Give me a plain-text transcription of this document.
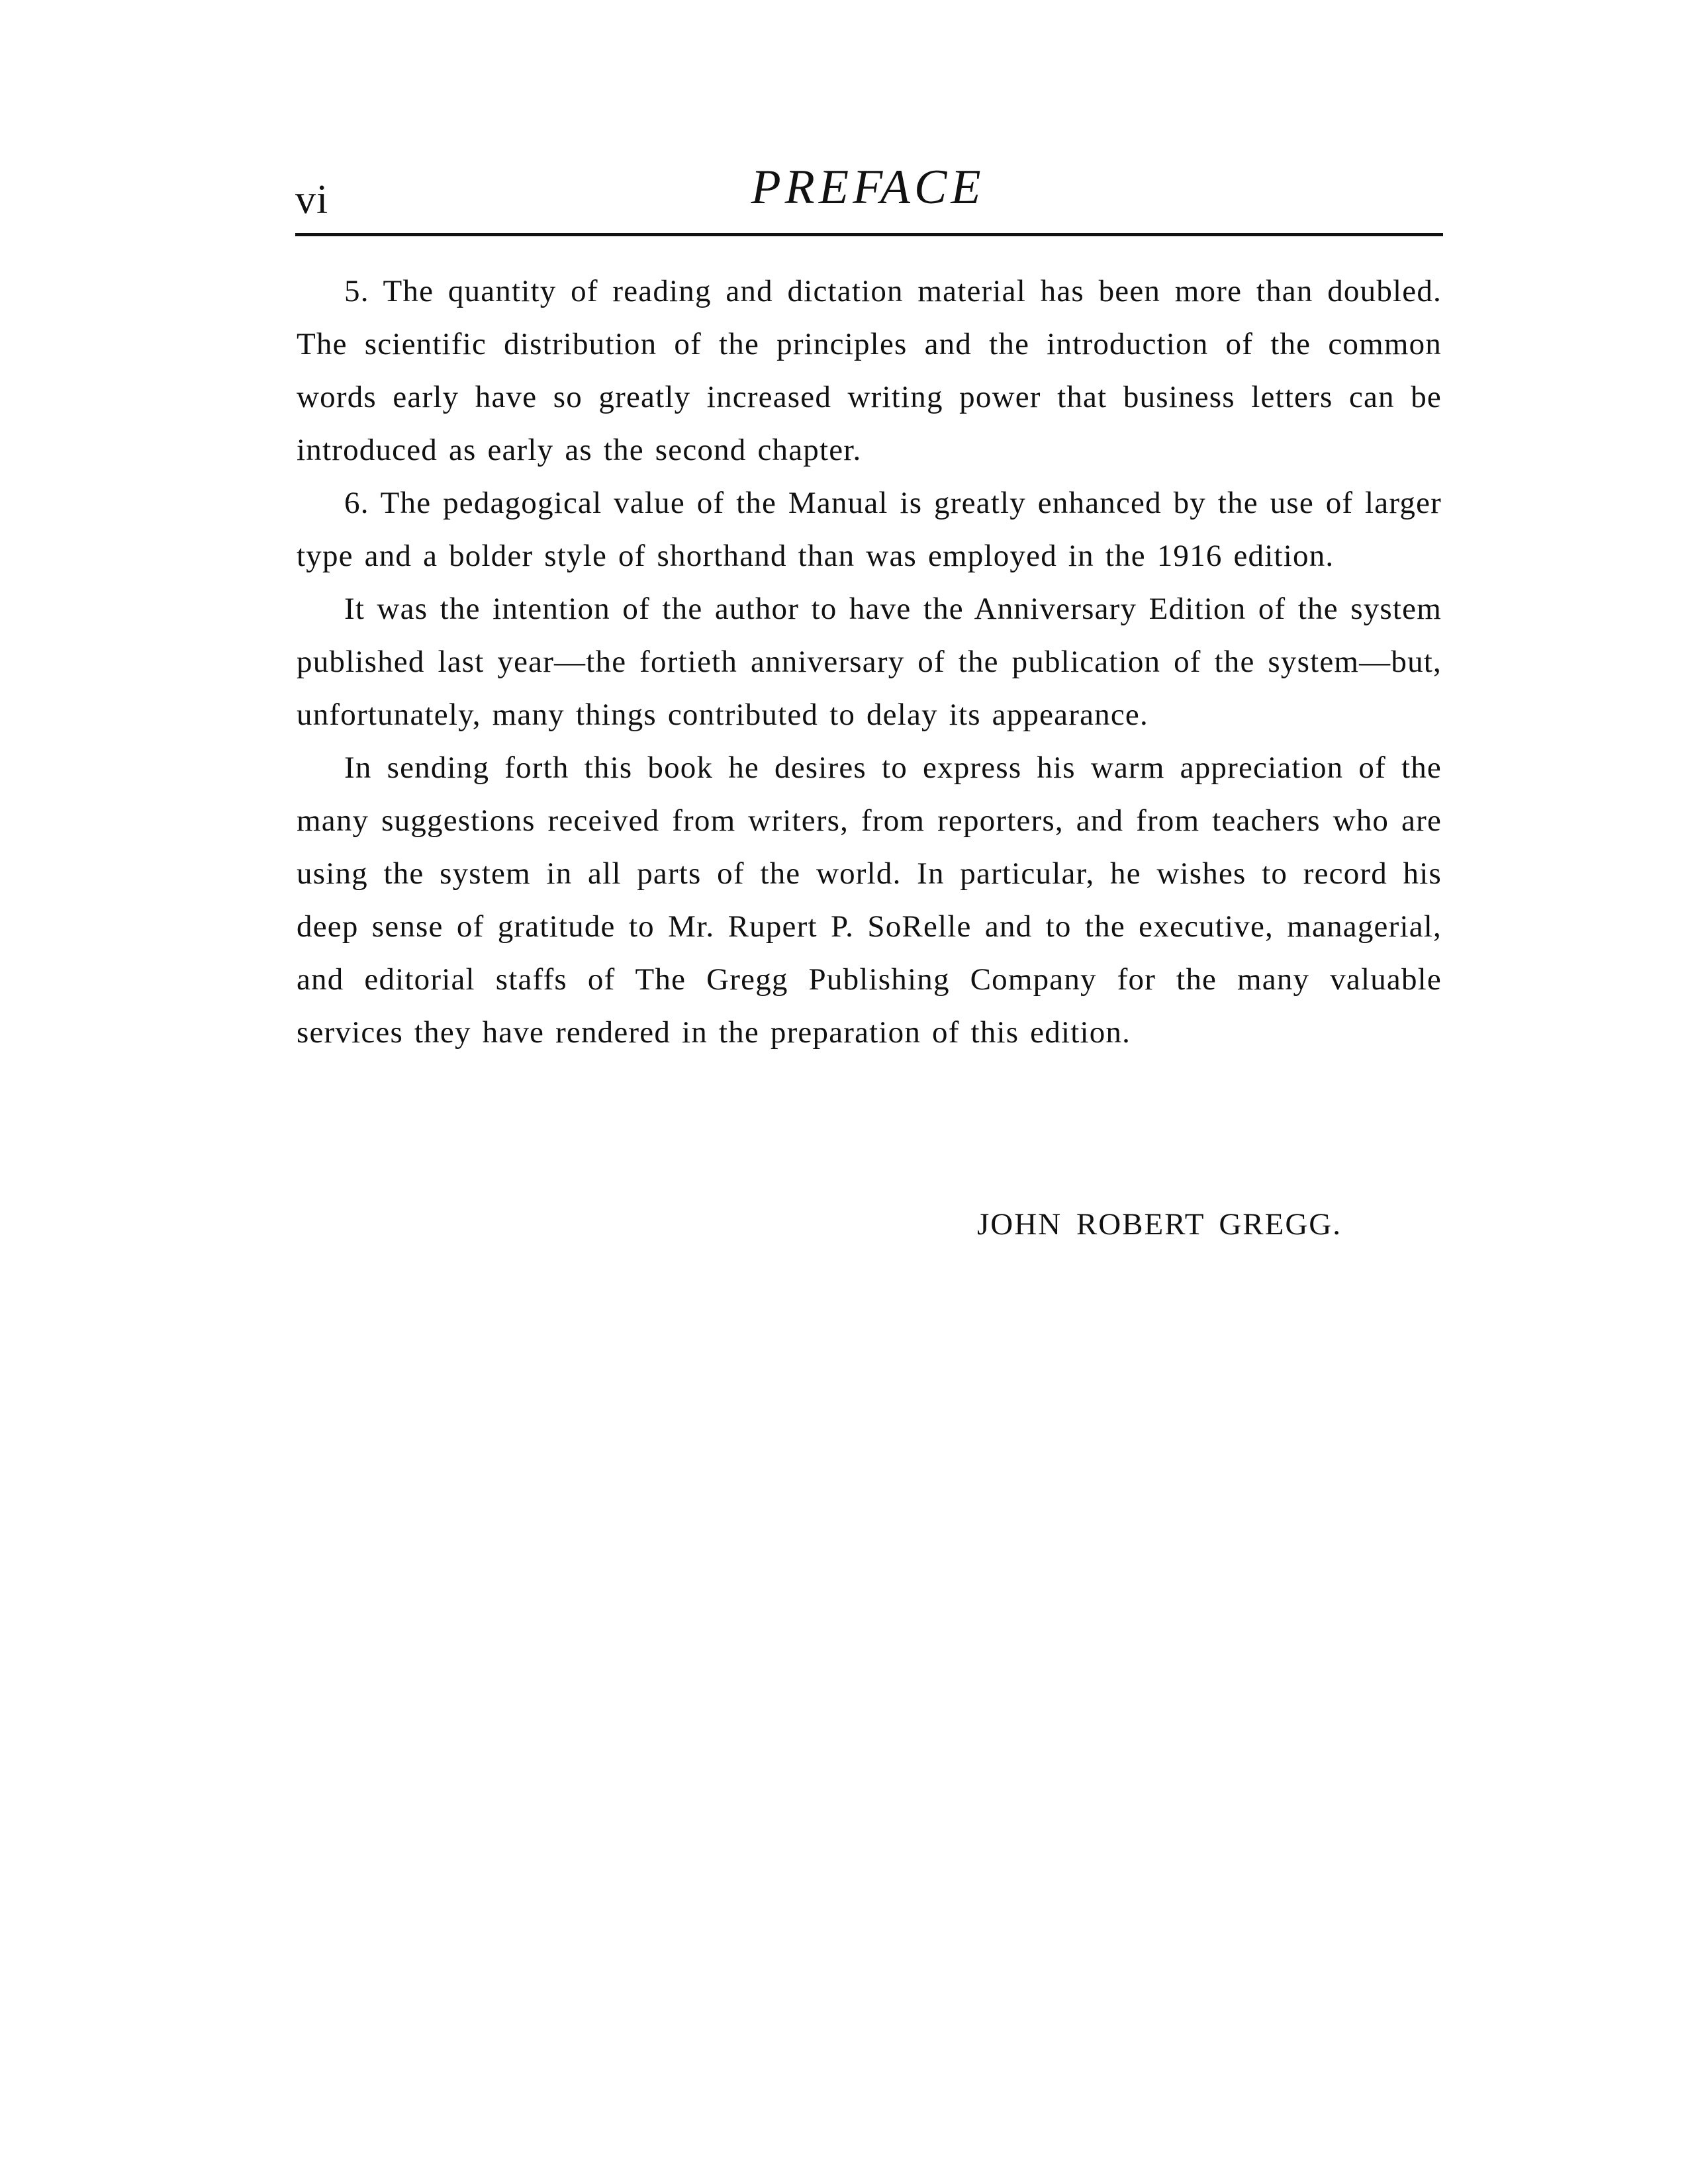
vi	PREFACE

5. The quantity of reading and dictation material has been more than doubled. The scientific distribution of the principles and the introduction of the common words early have so greatly increased writing power that business letters can be introduced as early as the second chapter.

6. The pedagogical value of the Manual is greatly enhanced by the use of larger type and a bolder style of shorthand than was employed in the 1916 edition.

It was the intention of the author to have the Anniversary Edition of the system published last year—the fortieth anniversary of the publication of the system—but, unfortunately, many things contributed to delay its appearance.

In sending forth this book he desires to express his warm appreciation of the many suggestions received from writers, from reporters, and from teachers who are using the system in all parts of the world. In particular, he wishes to record his deep sense of gratitude to Mr. Rupert P. SoRelle and to the executive, managerial, and editorial staffs of The Gregg Publishing Company for the many valuable services they have rendered in the preparation of this edition.

JOHN ROBERT GREGG.
